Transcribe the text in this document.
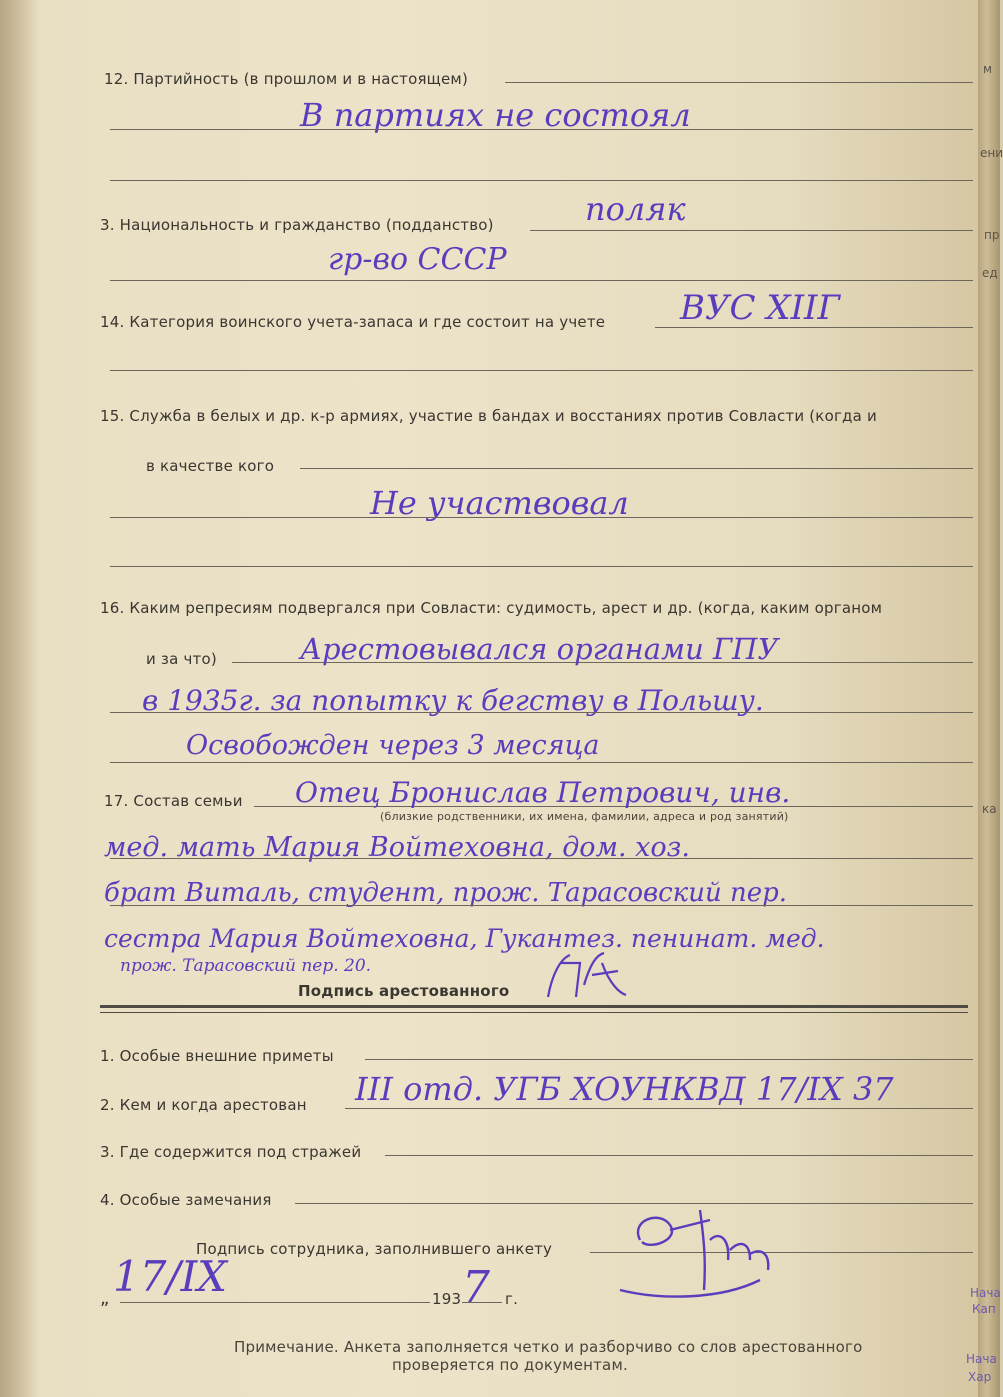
12. Партийность (в прошлом и в настоящем)
В партиях не состоял
3. Национальность и гражданство (подданство)	поляк
гр-во СССР
14. Категория воинского учета-запаса и где состоит на учете ВУС XIIГ
15. Служба в белых и др. к-р армиях, участие в бандах и восстаниях против Совласти (когда и
в качестве кого
Не участвовал
16. Каким репресиям подвергался при Совласти: судимость, арест и др. (когда, каким органом
и за что)	Арестовывался органами ГПУ
в 1935г. за попытку к бегству в Польшу.
Освобожден через 3 месяца
17. Состав семьи Отец Бронислав Петрович, инв.
(близкие родственники, их имена, фамилии, адреса и род занятий)
мед. мать Мария Войтеховна, дом. хоз.
брат Виталь, студент, прож. Тарасовский пер.
сестра Мария Войтеховна, Гукантез. пенинат. мед.
прож. Тарасовский пер. 20.
Подпись арестованного
1. Особые внешние приметы
2. Кем и когда арестован III отд. УГБ ХОУНКВД 17/IX 37
3. Где содержится под стражей
4. Особые замечания
Подпись сотрудника, заполнившего анкету
„ 17/IX	193 7 г.
Примечание. Анкета заполняется четко и разборчиво со слов арестованного
проверяется по документам.
м
ени
пр
ед
ка
Нача
Кап
Нача
Хар
